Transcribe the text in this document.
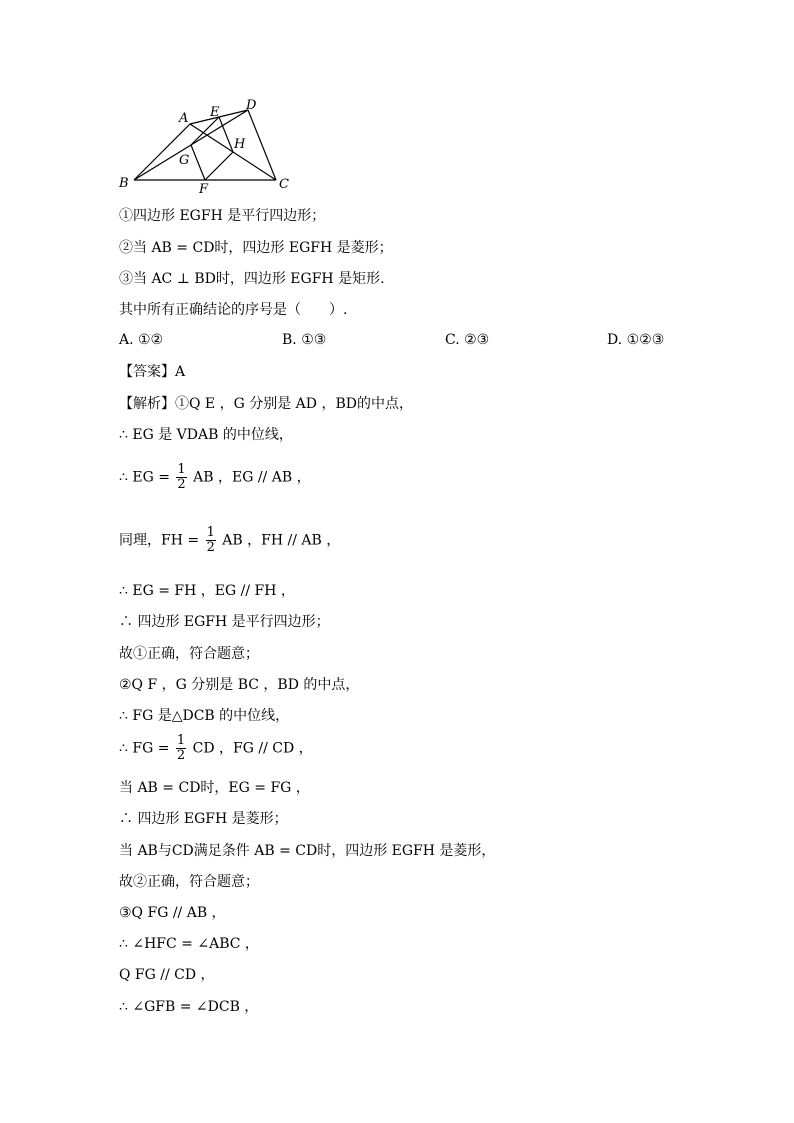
A E D
H
G
B	F	C
①四边形 EGFH 是平行四边形；
②当 AB = CD时，四边形 EGFH 是菱形；
③当 AC ⊥ BD时，四边形 EGFH 是矩形.
其中所有正确结论的序号是（　　）.
A. ①②	B. ①③	C. ②③	D. ①②③
【答案】A
【解析】①Q E ，G 分别是 AD ，BD的中点，
∴ EG 是 VDAB 的中位线，
∴ EG = $\frac{1}{2}$ AB ，EG // AB ，
同理，FH = $\frac{1}{2}$ AB ，FH // AB ，
∴ EG = FH ，EG // FH ，
∴ 四边形 EGFH 是平行四边形；
故①正确，符合题意；
②Q F ，G 分别是 BC ，BD 的中点，
∴ FG 是△DCB 的中位线，
∴ FG = $\frac{1}{2}$ CD ，FG // CD ，
当 AB = CD时，EG = FG ，
∴ 四边形 EGFH 是菱形；
当 AB与CD满足条件 AB = CD时，四边形 EGFH 是菱形，
故②正确，符合题意；
③Q FG // AB ，
∴ ∠HFC = ∠ABC ，
Q FG // CD ，
∴ ∠GFB = ∠DCB ，
